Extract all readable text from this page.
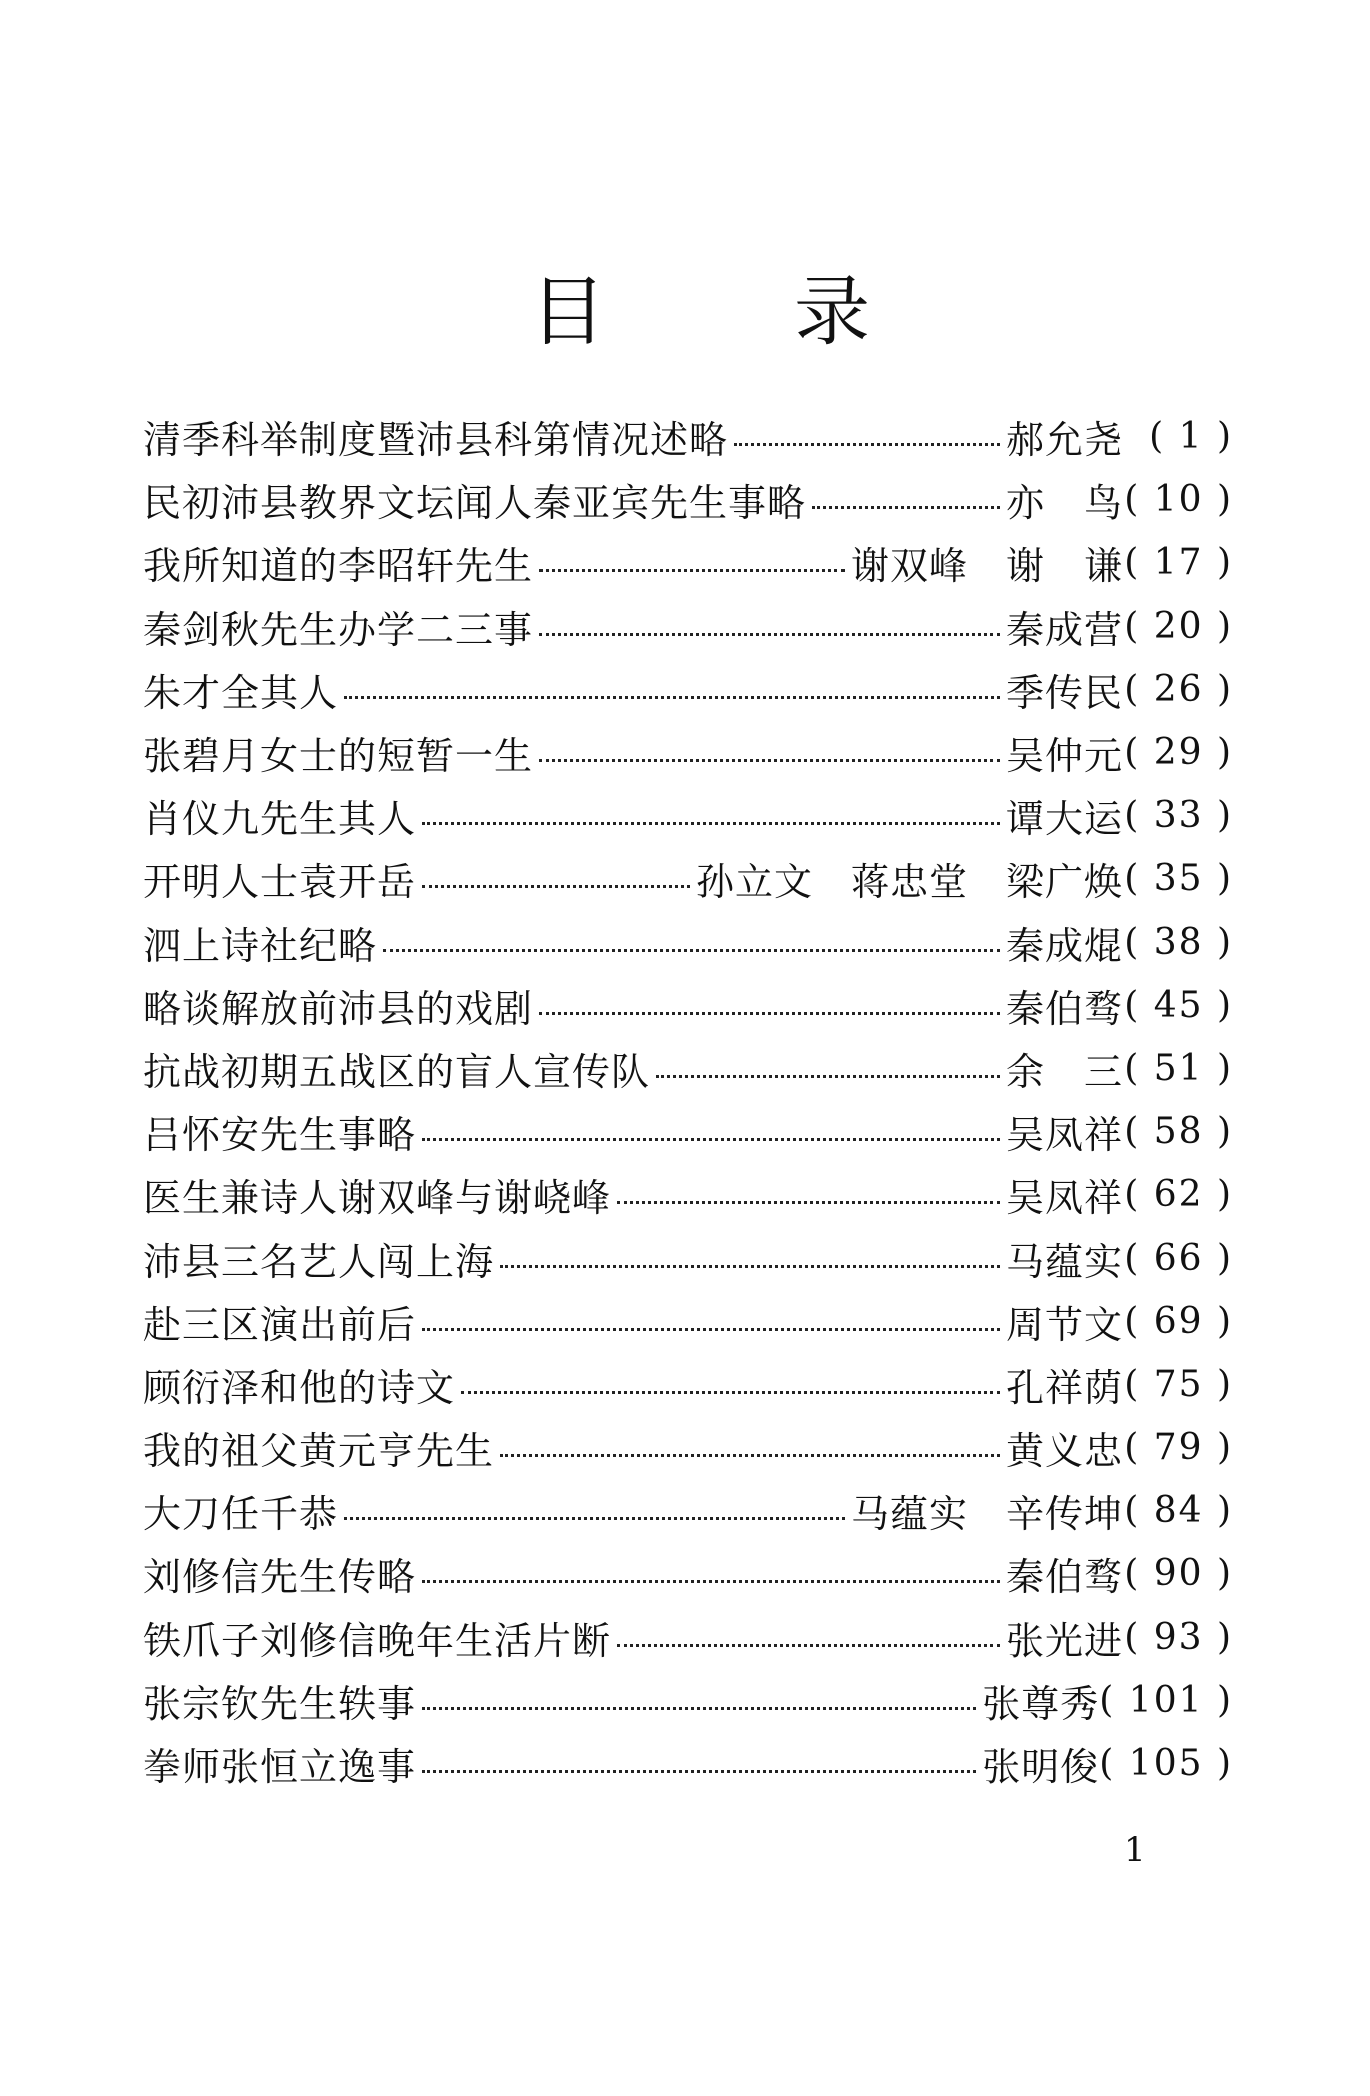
目 录
清季科举制度暨沛县科第情况述略	郝允尧 ( 1 )
民初沛县教界文坛闻人秦亚宾先生事略	亦　鸟 ( 10 )
我所知道的李昭轩先生	谢双峰 谢　谦 ( 17 )
秦剑秋先生办学二三事	秦成营 ( 20 )
朱才全其人	季传民 ( 26 )
张碧月女士的短暂一生	吴仲元 ( 29 )
肖仪九先生其人	谭大运 ( 33 )
开明人士袁开岳	孙立文 蒋忠堂 梁广焕 ( 35 )
泗上诗社纪略	秦成焜 ( 38 )
略谈解放前沛县的戏剧	秦伯骛 ( 45 )
抗战初期五战区的盲人宣传队	余　三 ( 51 )
吕怀安先生事略	吴凤祥 ( 58 )
医生兼诗人谢双峰与谢峣峰	吴凤祥 ( 62 )
沛县三名艺人闯上海	马蕴实 ( 66 )
赴三区演出前后	周节文 ( 69 )
顾衍泽和他的诗文	孔祥荫 ( 75 )
我的祖父黄元亨先生	黄义忠 ( 79 )
大刀任千恭	马蕴实 辛传坤 ( 84 )
刘修信先生传略	秦伯骛 ( 90 )
铁爪子刘修信晚年生活片断	张光进 ( 93 )
张宗钦先生轶事	张尊秀 ( 101 )
拳师张恒立逸事	张明俊 ( 105 )
1
